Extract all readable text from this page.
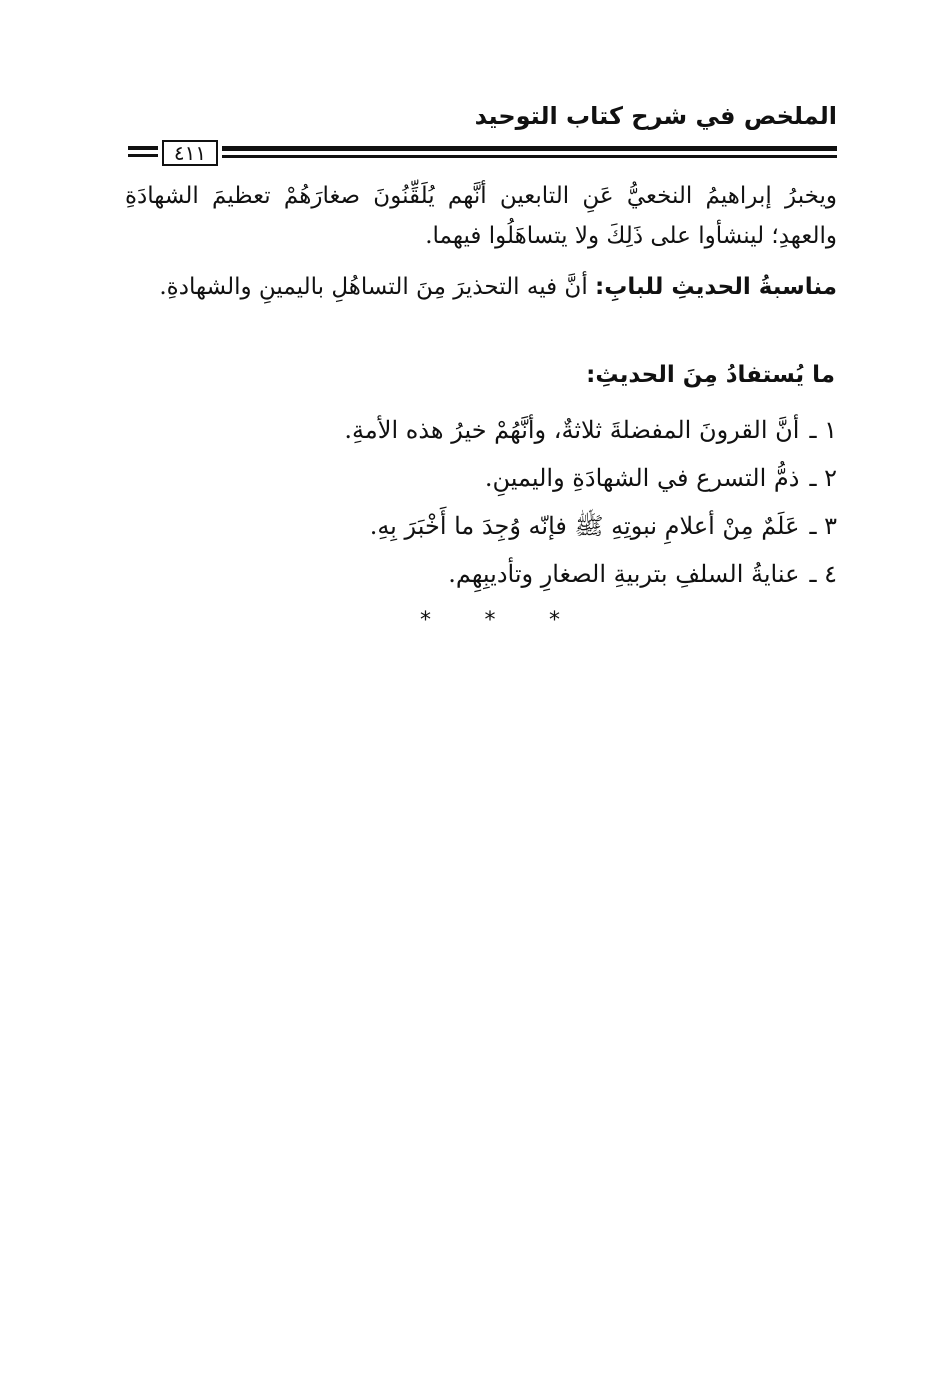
الملخص في شرح كتاب التوحيد
٤١١

ويخبرُ إبراهيمُ النخعيُّ عَنِ التابعين أنَّهم يُلَقِّنُونَ صغارَهُمْ تعظيمَ الشهادَةِ والعهدِ؛ لينشأوا على ذَلِكَ ولا يتساهَلُوا فيهما.

مناسبةُ الحديثِ للبابِ: أنَّ فيه التحذيرَ مِنَ التساهُلِ باليمينِ والشهادةِ.

ما يُستفادُ مِنَ الحديثِ:
١ ـأنَّ القرونَ المفضلةَ ثلاثةٌ، وأنَّهُمْ خيرُ هذه الأمةِ.
٢ ـذمُّ التسرع في الشهادَةِ واليمينِ.
٣ ـعَلَمٌ مِنْ أعلامِ نبوتِهِ ﷺ فإنّه وُجِدَ ما أَخْبَرَ بِهِ.
٤ ـعنايةُ السلفِ بتربيةِ الصغارِ وتأديبِهِم.
* * *
